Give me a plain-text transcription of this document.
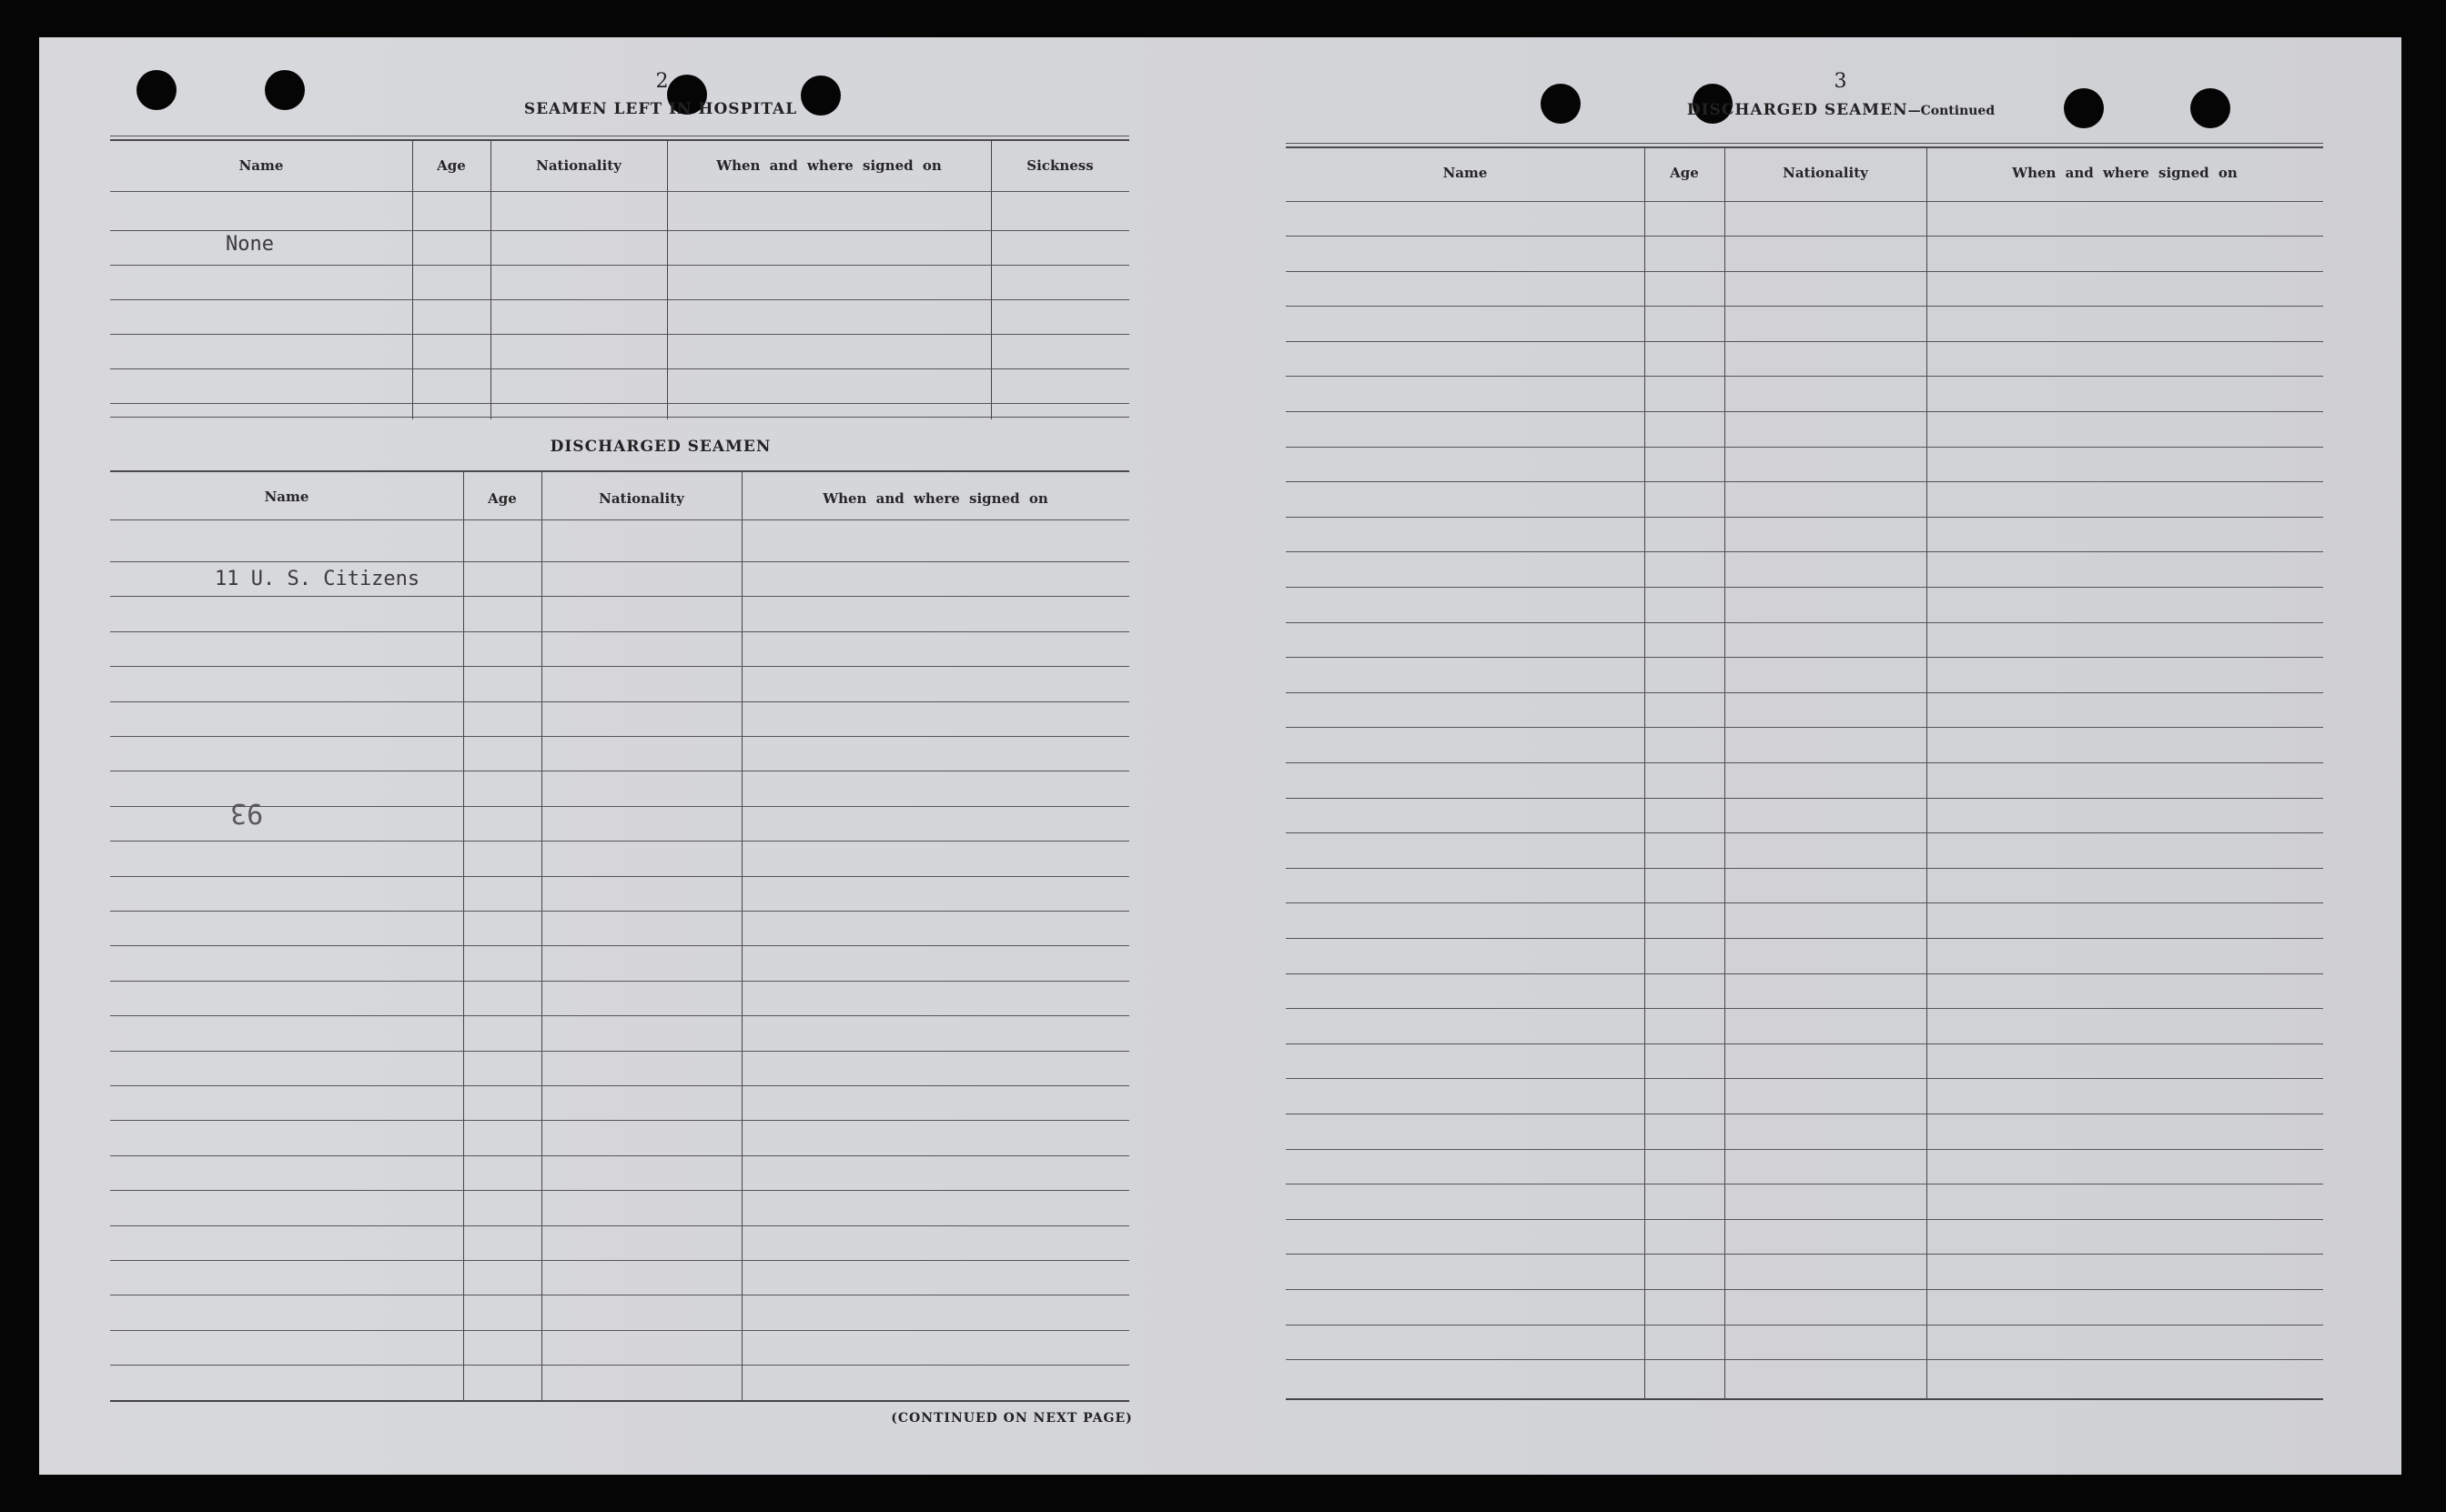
2
SEAMEN LEFT IN HOSPITAL
Name	Age	Nationality	When and where signed on	Sickness
None
DISCHARGED SEAMEN
Name	Age	Nationality	When and where signed on
11 U. S. Citizens
93
(CONTINUED ON NEXT PAGE)
3
DISCHARGED SEAMEN—Continued
Name	Age	Nationality	When and where signed on
